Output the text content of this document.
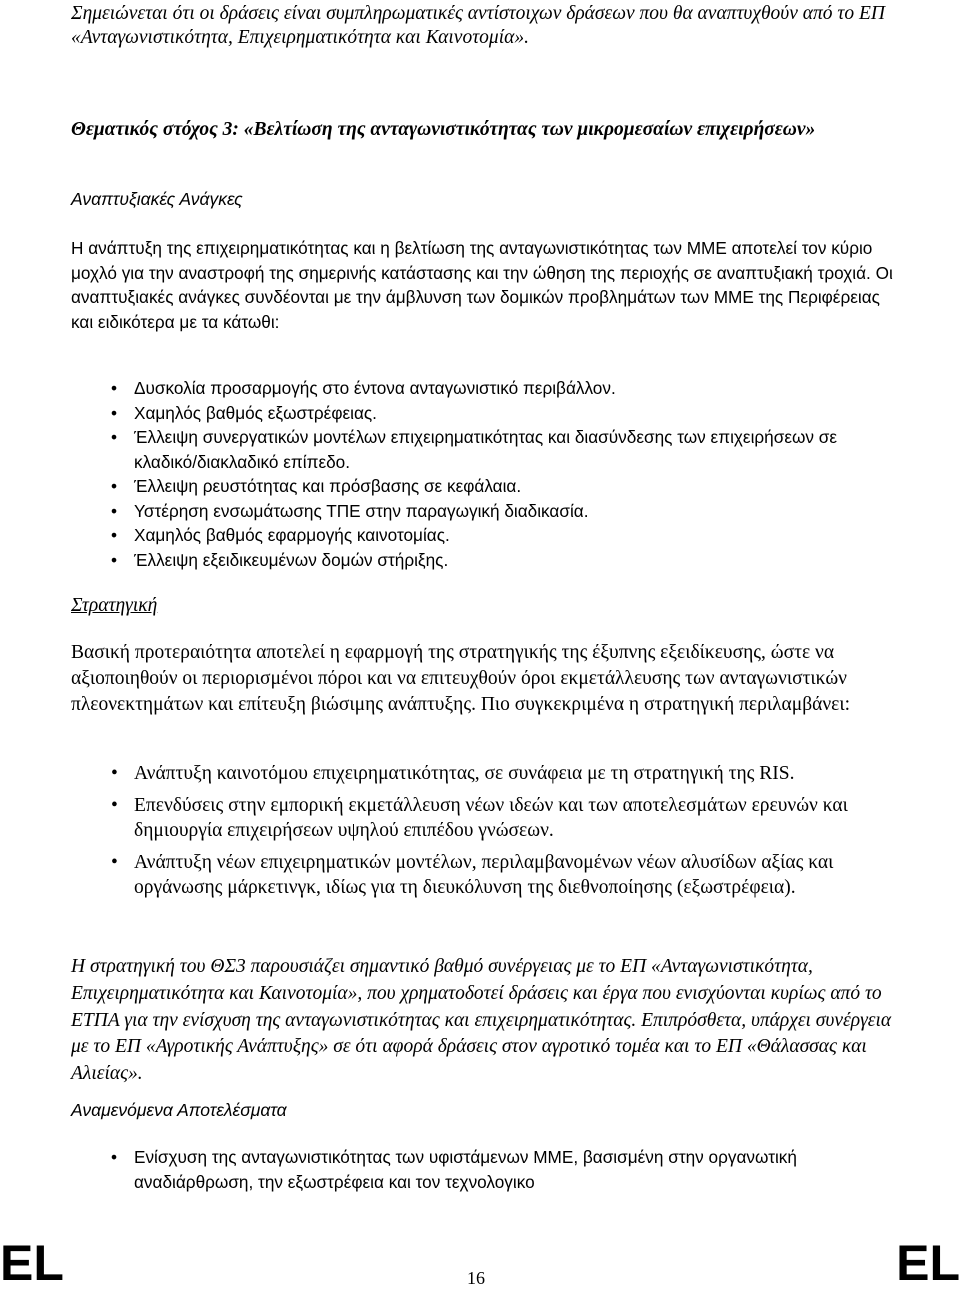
Σημειώνεται ότι οι δράσεις είναι συμπληρωματικές αντίστοιχων δράσεων που θα αναπτυχθούν από το ΕΠ «Ανταγωνιστικότητα, Επιχειρηματικότητα και Καινοτομία».

Θεματικός στόχος 3: «Βελτίωση της ανταγωνιστικότητας των μικρομεσαίων επιχειρήσεων»

Αναπτυξιακές Ανάγκες

Η ανάπτυξη της επιχειρηματικότητας και η βελτίωση της ανταγωνιστικότητας των ΜΜΕ αποτελεί τον κύριο μοχλό για την αναστροφή της σημερινής κατάστασης και την ώθηση της περιοχής σε αναπτυξιακή τροχιά. Οι αναπτυξιακές ανάγκες συνδέονται με την άμβλυνση των δομικών προβλημάτων των ΜΜΕ της Περιφέρειας και ειδικότερα με τα κάτωθι:

• Δυσκολία προσαρμογής στο έντονα ανταγωνιστικό περιβάλλον.
• Χαμηλός βαθμός εξωστρέφειας.
• Έλλειψη συνεργατικών μοντέλων επιχειρηματικότητας και διασύνδεσης των επιχειρήσεων σε κλαδικό/διακλαδικό επίπεδο.
• Έλλειψη ρευστότητας και πρόσβασης σε κεφάλαια.
• Υστέρηση ενσωμάτωσης ΤΠΕ στην παραγωγική διαδικασία.
• Χαμηλός βαθμός εφαρμογής καινοτομίας.
• Έλλειψη εξειδικευμένων δομών στήριξης.

Στρατηγική

Βασική προτεραιότητα αποτελεί η εφαρμογή της στρατηγικής της έξυπνης εξειδίκευσης, ώστε να αξιοποιηθούν οι περιορισμένοι πόροι και να επιτευχθούν όροι εκμετάλλευσης των ανταγωνιστικών πλεονεκτημάτων και επίτευξη βιώσιμης ανάπτυξης. Πιο συγκεκριμένα η στρατηγική περιλαμβάνει:

• Ανάπτυξη καινοτόμου επιχειρηματικότητας, σε συνάφεια με τη στρατηγική της RIS.
• Επενδύσεις στην εμπορική εκμετάλλευση νέων ιδεών και των αποτελεσμάτων ερευνών και δημιουργία επιχειρήσεων υψηλού επιπέδου γνώσεων.
• Ανάπτυξη νέων επιχειρηματικών μοντέλων, περιλαμβανομένων νέων αλυσίδων αξίας και οργάνωσης μάρκετινγκ, ιδίως για τη διευκόλυνση της διεθνοποίησης (εξωστρέφεια).

Η στρατηγική του ΘΣ3 παρουσιάζει σημαντικό βαθμό συνέργειας με το ΕΠ «Ανταγωνιστικότητα, Επιχειρηματικότητα και Καινοτομία», που χρηματοδοτεί δράσεις και έργα που ενισχύονται κυρίως από το ΕΤΠΑ για την ενίσχυση της ανταγωνιστικότητας και επιχειρηματικότητας. Επιπρόσθετα, υπάρχει συνέργεια με το ΕΠ «Αγροτικής Ανάπτυξης» σε ότι αφορά δράσεις στον αγροτικό τομέα και το ΕΠ «Θάλασσας και Αλιείας».

Αναμενόμενα Αποτελέσματα

• Ενίσχυση της ανταγωνιστικότητας των υφιστάμενων ΜΜΕ, βασισμένη στην οργανωτική αναδιάρθρωση, την εξωστρέφεια και τον τεχνολογικο
EL	16	EL
